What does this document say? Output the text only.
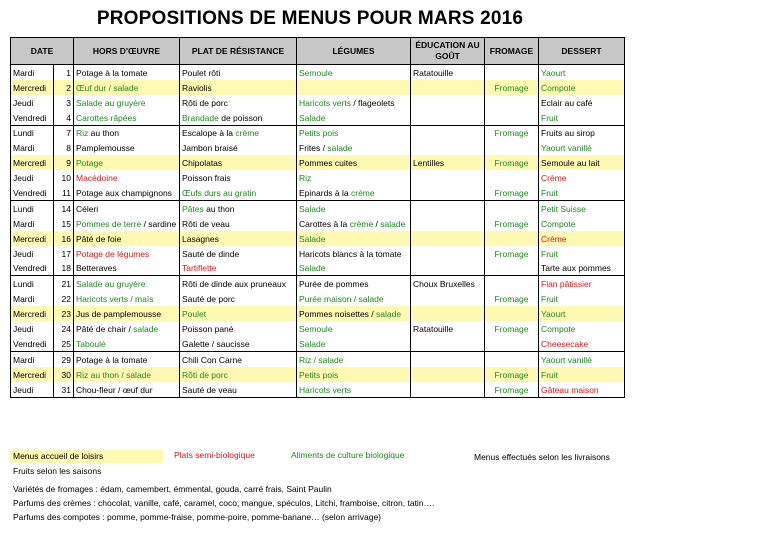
PROPOSITIONS DE MENUS POUR MARS 2016
DATE		HORS D'ŒUVRE	PLAT DE RÉSISTANCE	LÉGUMES	ÉDUCATION AU GOÛT	FROMAGE	DESSERT
Mardi	1	Potage à la tomate	Poulet rôti	Semoule	Ratatouille		Yaourt
Mercredi	2	Œuf dur / salade	Raviolis			Fromage	Compote
Jeudi	3	Salade au gruyère	Rôti de porc	Haricots verts / flageolets			Eclair au café
Vendredi	4	Carottes râpées	Brandade de poisson	Salade			Fruit
Lundi	7	Riz au thon	Escalope à la crème	Petits pois		Fromage	Fruits au sirop
Mardi	8	Pamplemousse	Jambon braisé	Frites / salade			Yaourt vanillé
Mercredi	9	Potage	Chipolatas	Pommes cuites	Lentilles	Fromage	Semoule au lait
Jeudi	10	Macédoine	Poisson frais	Riz			Crème
Vendredi	11	Potage aux champignons	Œufs durs au gratin	Epinards à la crème		Fromage	Fruit
Lundi	14	Céleri	Pâtes au thon	Salade			Petit Suisse
Mardi	15	Pommes de terre / sardine	Rôti de veau	Carottes à la crème / salade		Fromage	Compote
Mercredi	16	Pâté de foie	Lasagnes	Salade			Crème
Jeudi	17	Potage de légumes	Sauté de dinde	Haricots blancs à la tomate		Fromage	Fruit
Vendredi	18	Betteraves	Tartiflette	Salade			Tarte aux pommes
Lundi	21	Salade au gruyère	Rôti de dinde aux pruneaux	Purée de pommes	Choux Bruxelles		Flan pâtissier
Mardi	22	Haricots verts / maïs	Sauté de porc	Purée maison / salade		Fromage	Fruit
Mercredi	23	Jus de pamplemousse	Poulet	Pommes noisettes / salade			Yaourt
Jeudi	24	Pâté de chair / salade	Poisson pané	Semoule	Ratatouille	Fromage	Compote
Vendredi	25	Taboulé	Galette / saucisse	Salade			Cheesecake
Mardi	29	Potage à la tomate	Chili Con Carne	Riz / salade			Yaourt vanillé
Mercredi	30	Riz au thon / salade	Rôti de porc	Petits pois		Fromage	Fruit
Jeudi	31	Chou-fleur / œuf dur	Sauté de veau	Haricots verts		Fromage	Gâteau maison
Menus accueil de loisirs	Plats semi-biologique	Aliments de culture biologique	Menus effectués selon les livraisons
Fruits selon les saisons
Variétés de fromages : édam, camembert, émmental, gouda, carré frais, Saint Paulin
Parfums des crèmes : chocolat, vanille, café, caramel, coco, mangue, spéculos, Litchi, framboise, citron, tatin….
Parfums des compotes : pomme, pomme-fraise, pomme-poire, pomme-banane… (selon arrivage)
